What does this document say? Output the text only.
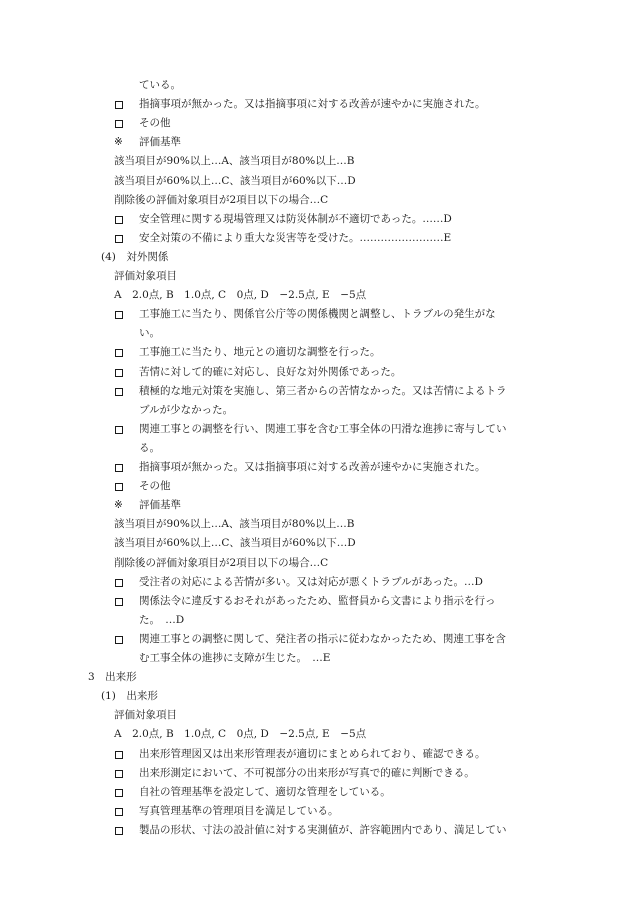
ている。

指摘事項が無かった。又は指摘事項に対する改善が速やかに実施された。

その他

※ 評価基準

該当項目が90%以上…A、該当項目が80%以上…B

該当項目が60%以上…C、該当項目が60%以下…D

削除後の評価対象項目が2項目以下の場合…C

安全管理に関する現場管理又は防災体制が不適切であった。……D

安全対策の不備により重大な災害等を受けた。……………………E

(4)　対外関係

評価対象項目

A　2.0点, B　1.0点, C　0点, D　−2.5点, E　−5点

工事施工に当たり、関係官公庁等の関係機関と調整し、トラブルの発生がな

い。

工事施工に当たり、地元との適切な調整を行った。

苦情に対して的確に対応し、良好な対外関係であった。

積極的な地元対策を実施し、第三者からの苦情なかった。又は苦情によるトラ

ブルが少なかった。

関連工事との調整を行い、関連工事を含む工事全体の円滑な進捗に寄与してい

る。

指摘事項が無かった。又は指摘事項に対する改善が速やかに実施された。

その他

※ 評価基準

該当項目が90%以上…A、該当項目が80%以上…B

該当項目が60%以上…C、該当項目が60%以下…D

削除後の評価対象項目が2項目以下の場合…C

受注者の対応による苦情が多い。又は対応が悪くトラブルがあった。…D

関係法令に違反するおそれがあったため、監督員から文書により指示を行っ

た。　…D

関連工事との調整に関して、発注者の指示に従わなかったため、関連工事を含

む工事全体の進捗に支障が生じた。　…E

3　出来形

(1)　出来形

評価対象項目

A　2.0点, B　1.0点, C　0点, D　−2.5点, E　−5点

出来形管理図又は出来形管理表が適切にまとめられており、確認できる。

出来形測定において、不可視部分の出来形が写真で的確に判断できる。

自社の管理基準を設定して、適切な管理をしている。

写真管理基準の管理項目を満足している。

製品の形状、寸法の設計値に対する実測値が、許容範囲内であり、満足してい
